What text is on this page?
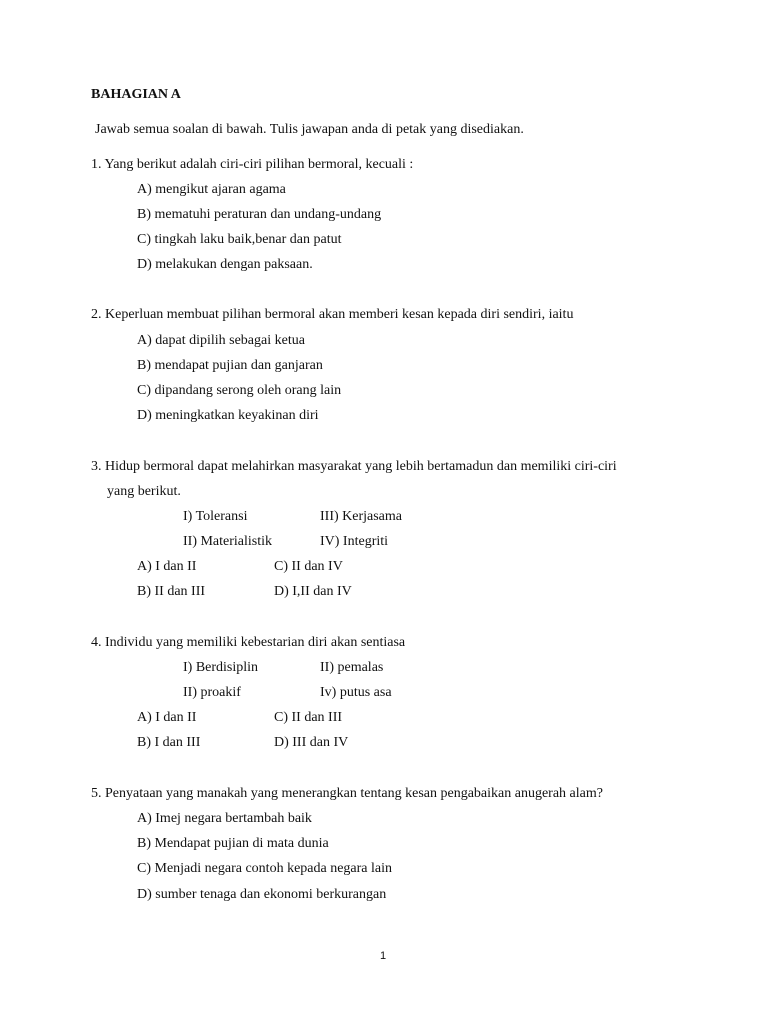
BAHAGIAN A
Jawab semua soalan di bawah. Tulis jawapan anda di petak yang disediakan.
1. Yang berikut adalah ciri-ciri pilihan bermoral, kecuali :
A) mengikut ajaran agama
B) mematuhi peraturan dan undang-undang
C) tingkah laku baik,benar dan patut
D) melakukan dengan paksaan.
2. Keperluan membuat pilihan bermoral akan memberi kesan kepada diri sendiri, iaitu
A) dapat dipilih sebagai ketua
B) mendapat pujian dan ganjaran
C) dipandang serong oleh orang lain
D) meningkatkan keyakinan diri
3. Hidup bermoral dapat melahirkan masyarakat yang lebih bertamadun dan memiliki ciri-ciri
yang berikut.
I) Toleransi	III) Kerjasama
II) Materialistik	IV) Integriti
A) I dan II	C) II dan IV
B) II dan III	D) I,II dan IV
4. Individu yang memiliki kebestarian diri akan sentiasa
I) Berdisiplin	II) pemalas
II) proakif	Iv) putus asa
A) I dan II	C) II dan III
B) I dan III	D) III dan IV
5. Penyataan yang manakah yang menerangkan tentang kesan pengabaikan anugerah alam?
A) Imej negara bertambah baik
B) Mendapat pujian di mata dunia
C) Menjadi negara contoh kepada negara lain
D) sumber tenaga dan ekonomi berkurangan
1
